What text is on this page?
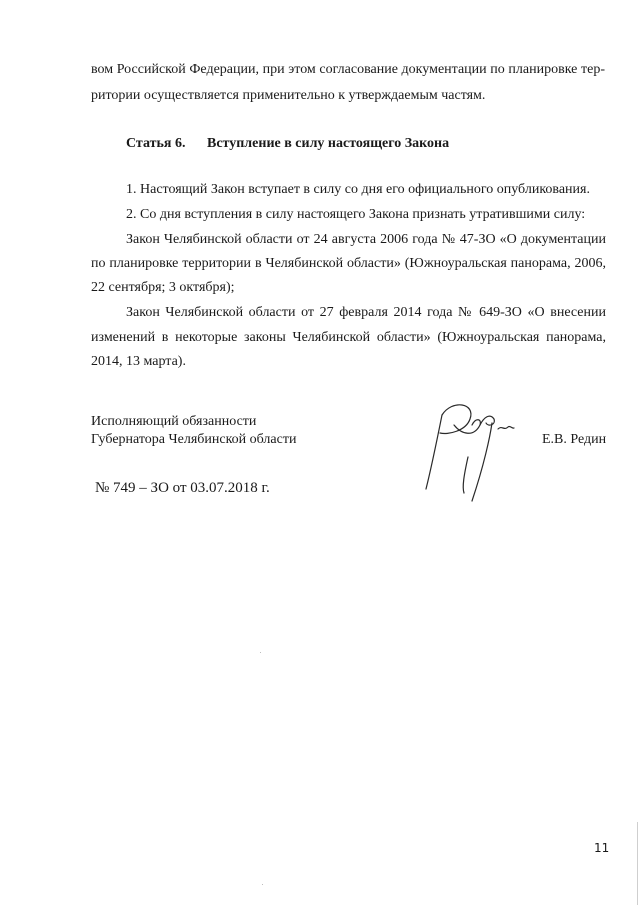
вом Российской Федерации, при этом согласование документации по планировке тер-
ритории осуществляется применительно к утверждаемым частям.
Статья 6. Вступление в силу настоящего Закона
1. Настоящий Закон вступает в силу со дня его официального опубликования.
2. Со дня вступления в силу настоящего Закона признать утратившими силу:
Закон Челябинской области от 24 августа 2006 года № 47-ЗО «О документации
по планировке территории в Челябинской области» (Южноуральская панорама, 2006,
22 сентября; 3 октября);
Закон Челябинской области от 27 февраля 2014 года № 649-ЗО «О внесении
изменений в некоторые законы Челябинской области» (Южноуральская панорама,
2014, 13 марта).
Исполняющий обязанности
Губернатора Челябинской области	Е.В. Редин
№ 749 – ЗО от 03.07.2018 г.
11
